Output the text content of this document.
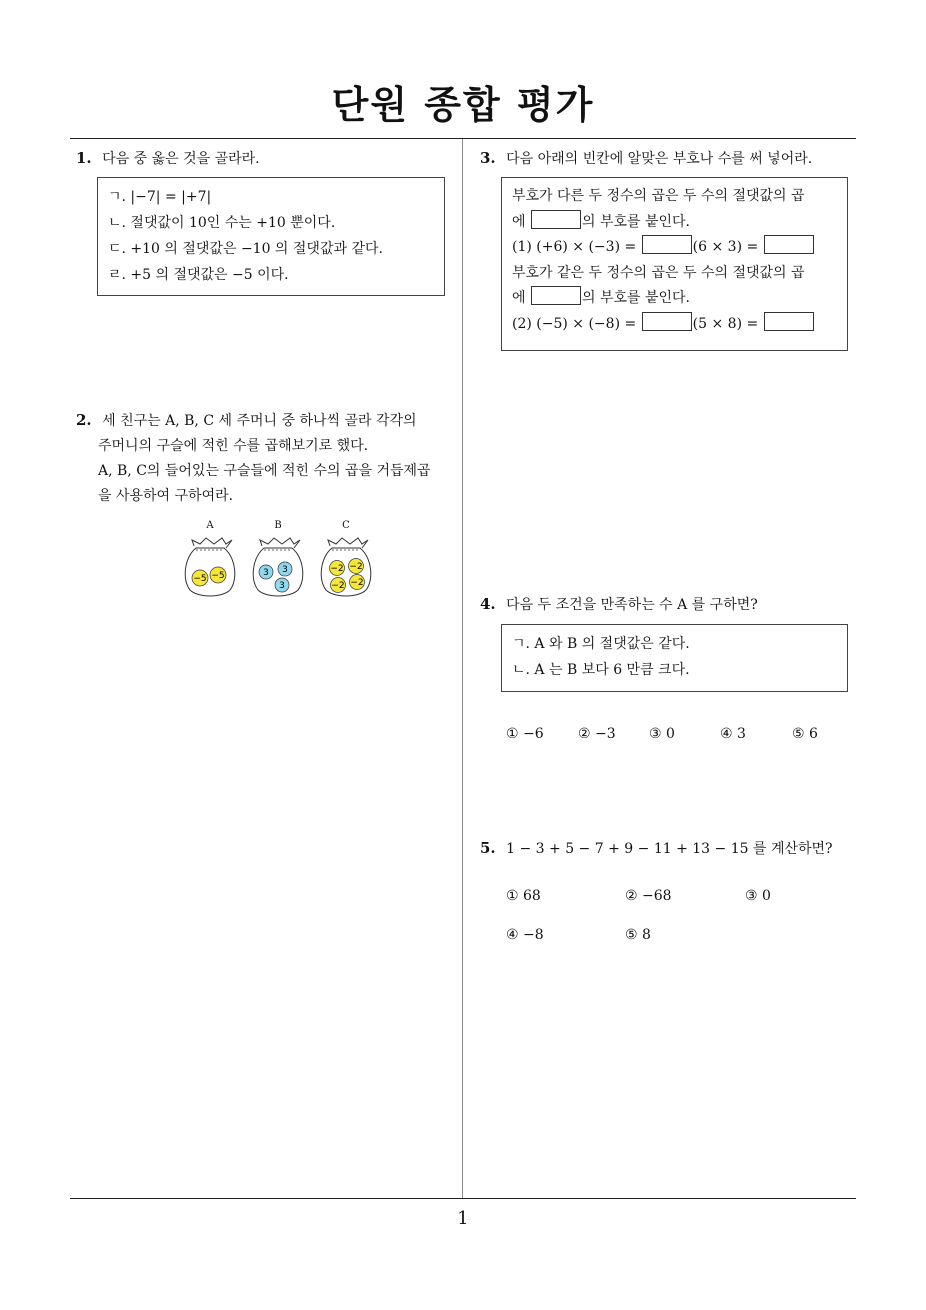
단원 종합 평가
1. 다음 중 옳은 것을 골라라.
ㄱ. |−7| = |+7|
ㄴ. 절댓값이 10인 수는 +10 뿐이다.
ㄷ. +10 의 절댓값은 −10 의 절댓값과 같다.
ㄹ. +5 의 절댓값은 −5 이다.
2. 세 친구는 A, B, C 세 주머니 중 하나씩 골라 각각의
주머니의 구슬에 적힌 수를 곱해보기로 했다.
A, B, C의 들어있는 구슬들에 적힌 수의 곱을 거듭제곱
을 사용하여 구하여라.
A
−5 −5
B
3 3
3
C
−2 −2
−2 −2
3. 다음 아래의 빈칸에 알맞은 부호나 수를 써 넣어라.
부호가 다른 두 정수의 곱은 두 수의 절댓값의 곱
에	의 부호를 붙인다.
(1) (+6) × (−3) =	(6 × 3) =
부호가 같은 두 정수의 곱은 두 수의 절댓값의 곱
에	의 부호를 붙인다.
(2) (−5) × (−8) =	(5 × 8) =
4. 다음 두 조건을 만족하는 수 A 를 구하면?
ㄱ. A 와 B 의 절댓값은 같다.
ㄴ. A 는 B 보다 6 만큼 크다.
① −6 ② −3 ③ 0	④ 3	⑤ 6
5. 1 − 3 + 5 − 7 + 9 − 11 + 13 − 15 를 계산하면?
① 68	② −68	③ 0
④ −8	⑤ 8
1
